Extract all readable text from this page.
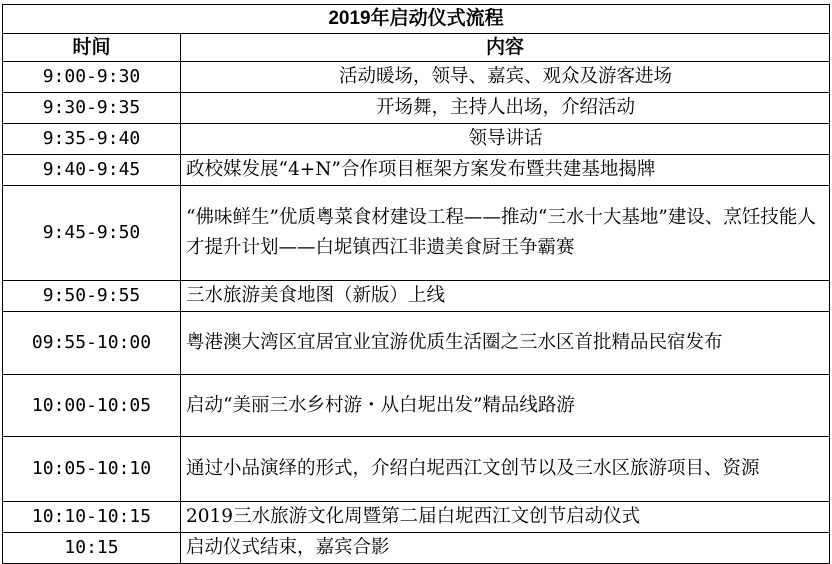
2019年启动仪式流程	
时间	内容
9:00-9:30	活动暖场，领导、嘉宾、观众及游客进场
9:30-9:35	开场舞，主持人出场，介绍活动
9:35-9:40	领导讲话
9:40-9:45	政校媒发展“4+N”合作项目框架方案发布暨共建基地揭牌
9:45-9:50	“佛味鲜生”优质粤菜食材建设工程——推动“三水十大基地”建设、烹饪技能人才提升计划——白坭镇西江非遗美食厨王争霸赛
9:50-9:55	三水旅游美食地图（新版）上线
09:55-10:00	粤港澳大湾区宜居宜业宜游优质生活圈之三水区首批精品民宿发布
10:00-10:05	启动“美丽三水乡村游・从白坭出发”精品线路游
10:05-10:10	通过小品演绎的形式，介绍白坭西江文创节以及三水区旅游项目、资源
10:10-10:15	2019三水旅游文化周暨第二届白坭西江文创节启动仪式
10:15	启动仪式结束，嘉宾合影
